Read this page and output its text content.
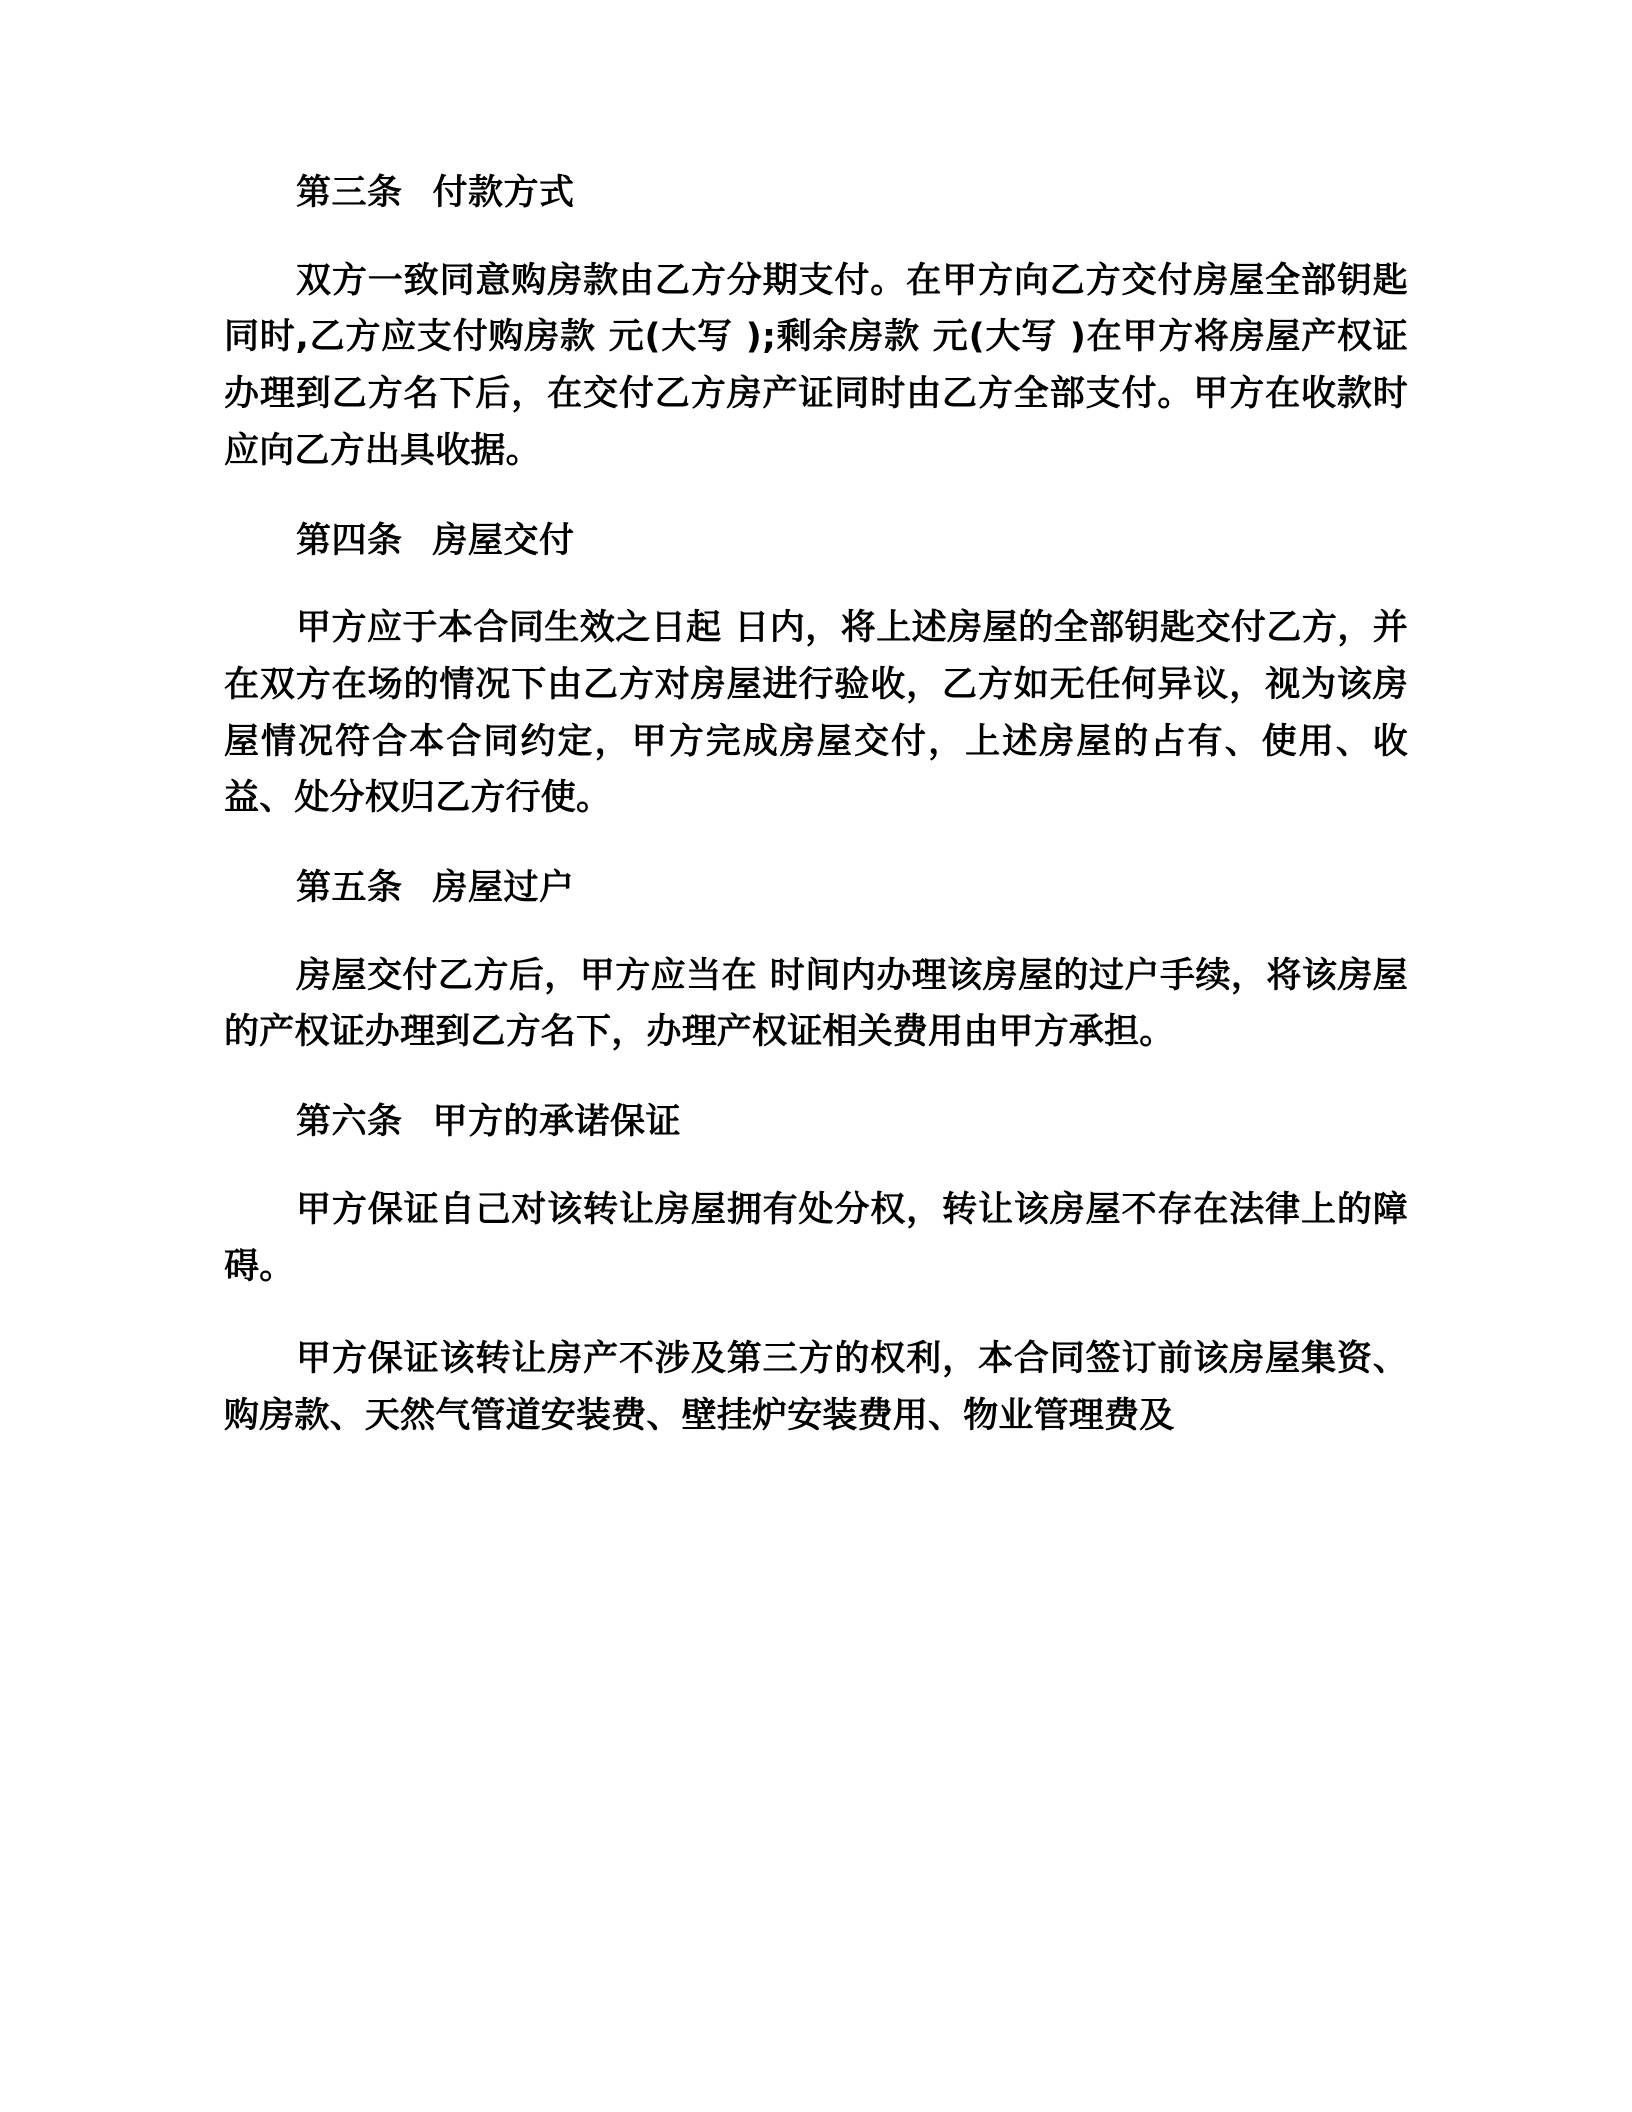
第三条 付款方式

双方一致同意购房款由乙方分期支付。在甲方向乙方交付房屋全部钥匙同时,乙方应支付购房款 元(大写 );剩余房款 元(大写 )在甲方将房屋产权证办理到乙方名下后，在交付乙方房产证同时由乙方全部支付。甲方在收款时应向乙方出具收据。

第四条 房屋交付

甲方应于本合同生效之日起 日内，将上述房屋的全部钥匙交付乙方，并在双方在场的情况下由乙方对房屋进行验收，乙方如无任何异议，视为该房屋情况符合本合同约定，甲方完成房屋交付，上述房屋的占有、使用、收益、处分权归乙方行使。

第五条 房屋过户

房屋交付乙方后，甲方应当在 时间内办理该房屋的过户手续，将该房屋的产权证办理到乙方名下，办理产权证相关费用由甲方承担。

第六条 甲方的承诺保证

甲方保证自己对该转让房屋拥有处分权，转让该房屋不存在法律上的障碍。

甲方保证该转让房产不涉及第三方的权利，本合同签订前该房屋集资、购房款、天然气管道安装费、壁挂炉安装费用、物业管理费及
